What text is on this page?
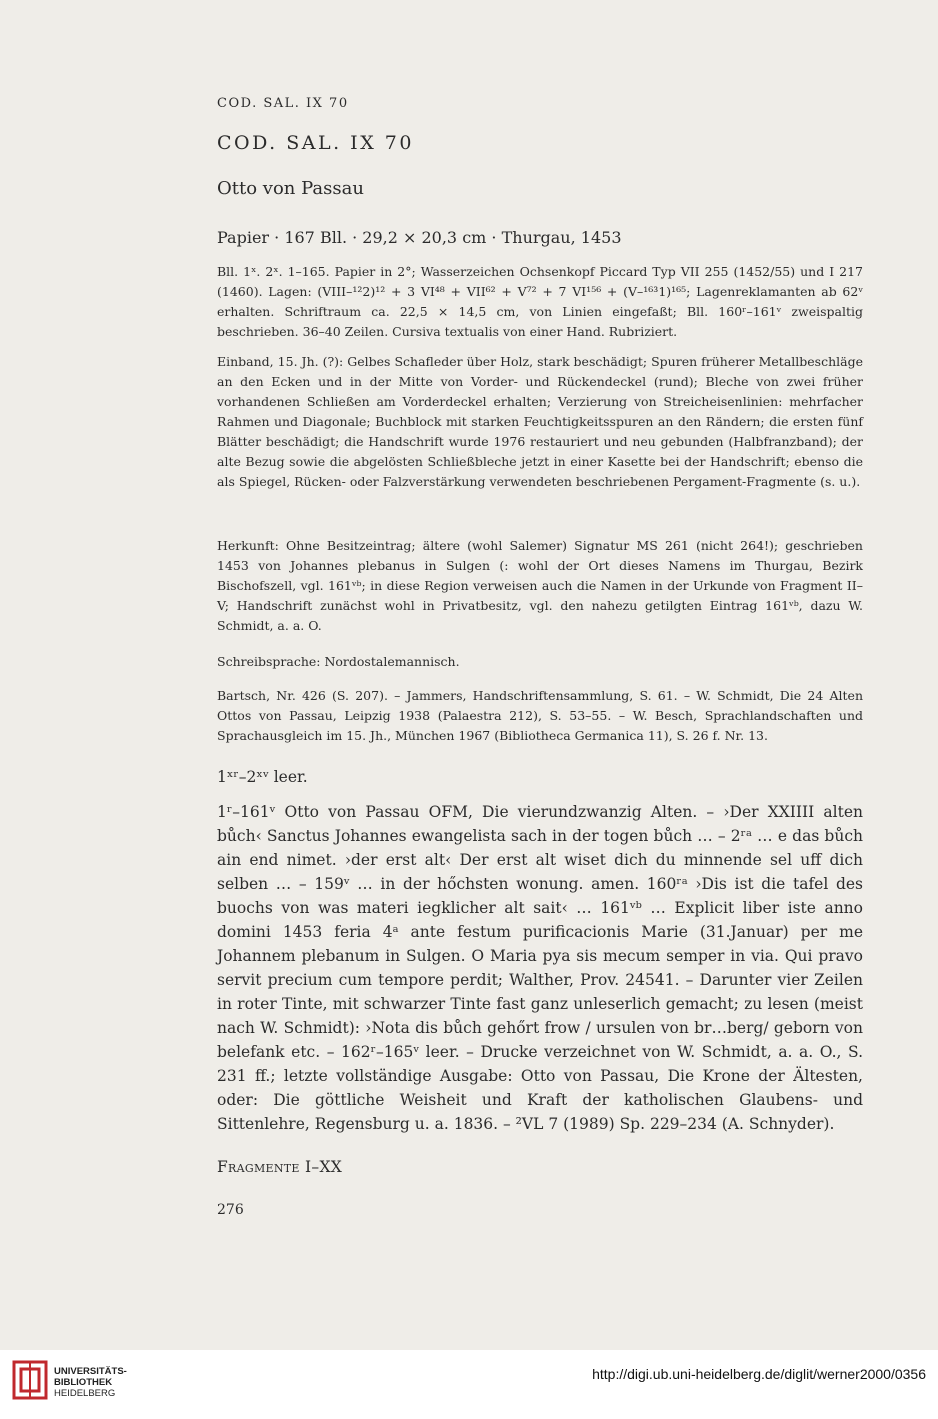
COD. SAL. IX 70
COD. SAL. IX 70
Otto von Passau
Papier · 167 Bll. · 29,2 × 20,3 cm · Thurgau, 1453

Bll. 1ˣ. 2ˣ. 1–165. Papier in 2°; Wasserzeichen Ochsenkopf Piccard Typ VII 255 (1452/55) und I 217 (1460). Lagen: (VIII–¹²2)¹² + 3 VI⁴⁸ + VII⁶² + V⁷² + 7 VI¹⁵⁶ + (V–¹⁶³1)¹⁶⁵; Lagenreklamanten ab 62ᵛ erhalten. Schriftraum ca. 22,5 × 14,5 cm, von Linien eingefaßt; Bll. 160ʳ–161ᵛ zweispaltig beschrieben. 36–40 Zeilen. Cursiva textualis von einer Hand. Rubriziert.

Einband, 15. Jh. (?): Gelbes Schafleder über Holz, stark beschädigt; Spuren früherer Metallbeschläge an den Ecken und in der Mitte von Vorder- und Rückendeckel (rund); Bleche von zwei früher vorhandenen Schließen am Vorderdeckel erhalten; Verzierung von Streicheisenlinien: mehrfacher Rahmen und Diagonale; Buchblock mit starken Feuchtigkeitsspuren an den Rändern; die ersten fünf Blätter beschädigt; die Handschrift wurde 1976 restauriert und neu gebunden (Halbfranzband); der alte Bezug sowie die abgelösten Schließbleche jetzt in einer Kasette bei der Handschrift; ebenso die als Spiegel, Rücken- oder Falzverstärkung verwendeten beschriebenen Pergament-Fragmente (s. u.).

Herkunft: Ohne Besitzeintrag; ältere (wohl Salemer) Signatur MS 261 (nicht 264!); geschrieben 1453 von Johannes plebanus in Sulgen (: wohl der Ort dieses Namens im Thurgau, Bezirk Bischofszell, vgl. 161ᵛᵇ; in diese Region verweisen auch die Namen in der Urkunde von Fragment II–V; Handschrift zunächst wohl in Privatbesitz, vgl. den nahezu getilgten Eintrag 161ᵛᵇ, dazu W. Schmidt, a. a. O.

Schreibsprache: Nordostalemannisch.

Bartsch, Nr. 426 (S. 207). – Jammers, Handschriftensammlung, S. 61. – W. Schmidt, Die 24 Alten Ottos von Passau, Leipzig 1938 (Palaestra 212), S. 53–55. – W. Besch, Sprachlandschaften und Sprachausgleich im 15. Jh., München 1967 (Bibliotheca Germanica 11), S. 26 f. Nr. 13.

1ˣʳ–2ˣᵛ leer.

1ʳ–161ᵛ Otto von Passau OFM, Die vierundzwanzig Alten. – ›Der XXIIII alten bůch‹ Sanctus Johannes ewangelista sach in der togen bůch … – 2ʳᵃ … e das bůch ain end nimet. ›der erst alt‹ Der erst alt wiset dich du minnende sel uff dich selben … – 159ᵛ … in der hőchsten wonung. amen. 160ʳᵃ ›Dis ist die tafel des buochs von was materi iegklicher alt sait‹ … 161ᵛᵇ … Explicit liber iste anno domini 1453 feria 4ᵃ ante festum purificacionis Marie (31.Januar) per me Johannem plebanum in Sulgen. O Maria pya sis mecum semper in via. Qui pravo servit precium cum tempore perdit; Walther, Prov. 24541. – Darunter vier Zeilen in roter Tinte, mit schwarzer Tinte fast ganz unleserlich gemacht; zu lesen (meist nach W. Schmidt): ›Nota dis bůch gehőrt frow / ursulen von br…berg/ geborn von belefank etc. – 162ʳ–165ᵛ leer. – Drucke verzeichnet von W. Schmidt, a. a. O., S. 231 ff.; letzte vollständige Ausgabe: Otto von Passau, Die Krone der Ältesten, oder: Die göttliche Weisheit und Kraft der katholischen Glaubens- und Sittenlehre, Regensburg u. a. 1836. – ²VL 7 (1989) Sp. 229–234 (A. Schnyder).

Fragmente I–XX
276
UNIVERSITÄTS-
BIBLIOTHEK
HEIDELBERG
http://digi.ub.uni-heidelberg.de/diglit/werner2000/0356
